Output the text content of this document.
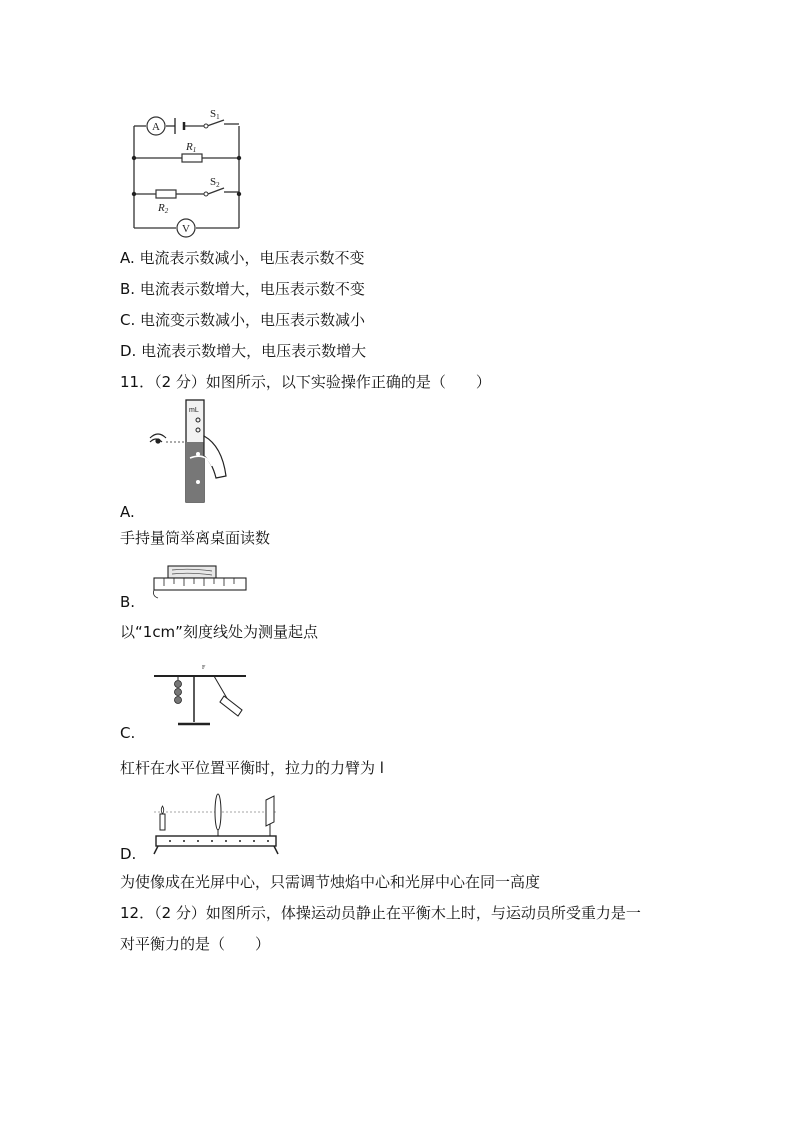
A
V
S1
R1
S2
R2
A. 电流表示数减小，电压表示数不变
B. 电流表示数增大，电压表示数不变
C. 电流变示数减小，电压表示数减小
D. 电流表示数增大，电压表示数增大
11．（2 分）如图所示，以下实验操作正确的是（　　）
mL
A.
手持量筒举离桌面读数
B.
以“1cm”刻度线处为测量起点
F
C.
杠杆在水平位置平衡时，拉力的力臂为 l
D.
为使像成在光屏中心，只需调节烛焰中心和光屏中心在同一高度
12．（2 分）如图所示，体操运动员静止在平衡木上时，与运动员所受重力是一
对平衡力的是（　　）
